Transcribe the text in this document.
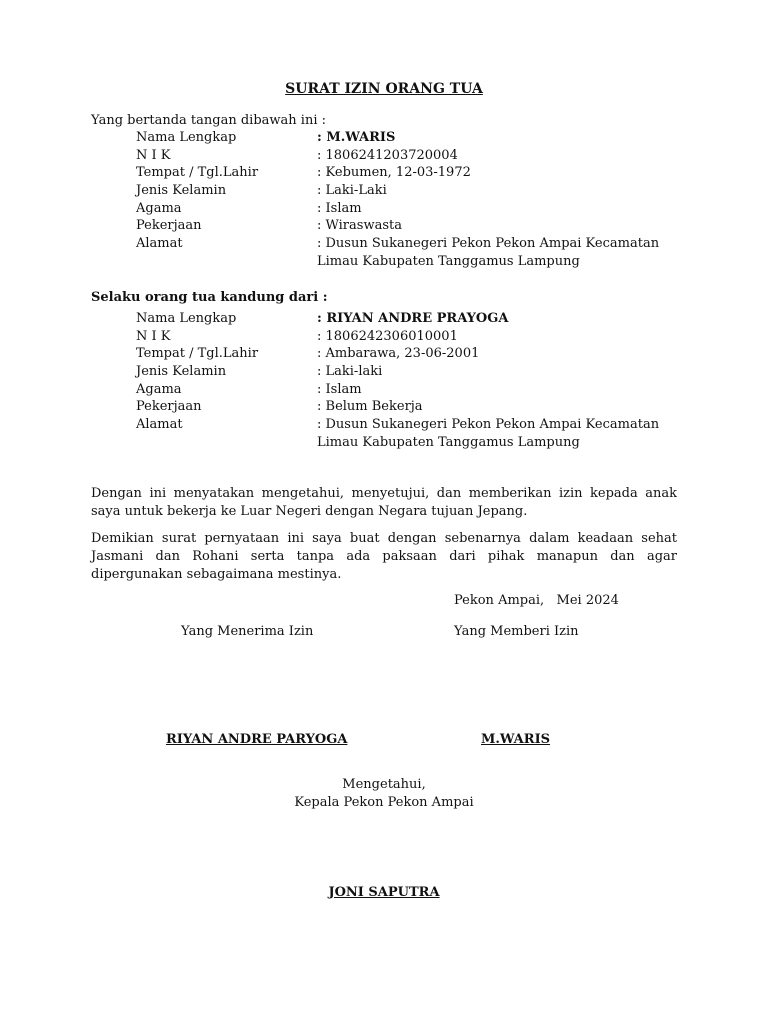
SURAT IZIN ORANG TUA
Yang bertanda tangan dibawah ini :
Nama Lengkap	: M.WARIS
N I K	: 1806241203720004
Tempat / Tgl.Lahir	: Kebumen, 12-03-1972
Jenis Kelamin	: Laki-Laki
Agama	: Islam
Pekerjaan	: Wiraswasta
Alamat	: Dusun Sukanegeri Pekon Pekon Ampai Kecamatan
Limau Kabupaten Tanggamus Lampung
Selaku orang tua kandung dari :
Nama Lengkap	: RIYAN ANDRE PRAYOGA
N I K	: 1806242306010001
Tempat / Tgl.Lahir	: Ambarawa, 23-06-2001
Jenis Kelamin	: Laki-laki
Agama	: Islam
Pekerjaan	: Belum Bekerja
Alamat	: Dusun Sukanegeri Pekon Pekon Ampai Kecamatan
Limau Kabupaten Tanggamus Lampung
Dengan ini menyatakan mengetahui, menyetujui, dan memberikan izin kepada anak saya untuk bekerja ke Luar Negeri dengan Negara tujuan Jepang.
Demikian surat pernyataan ini saya buat dengan sebenarnya dalam keadaan sehat Jasmani dan Rohani serta tanpa ada paksaan dari pihak manapun dan agar dipergunakan sebagaimana mestinya.
Pekon Ampai,   Mei 2024
Yang Menerima Izin	Yang Memberi Izin
RIYAN ANDRE PARYOGA	M.WARIS
Mengetahui,
Kepala Pekon Pekon Ampai
JONI SAPUTRA
